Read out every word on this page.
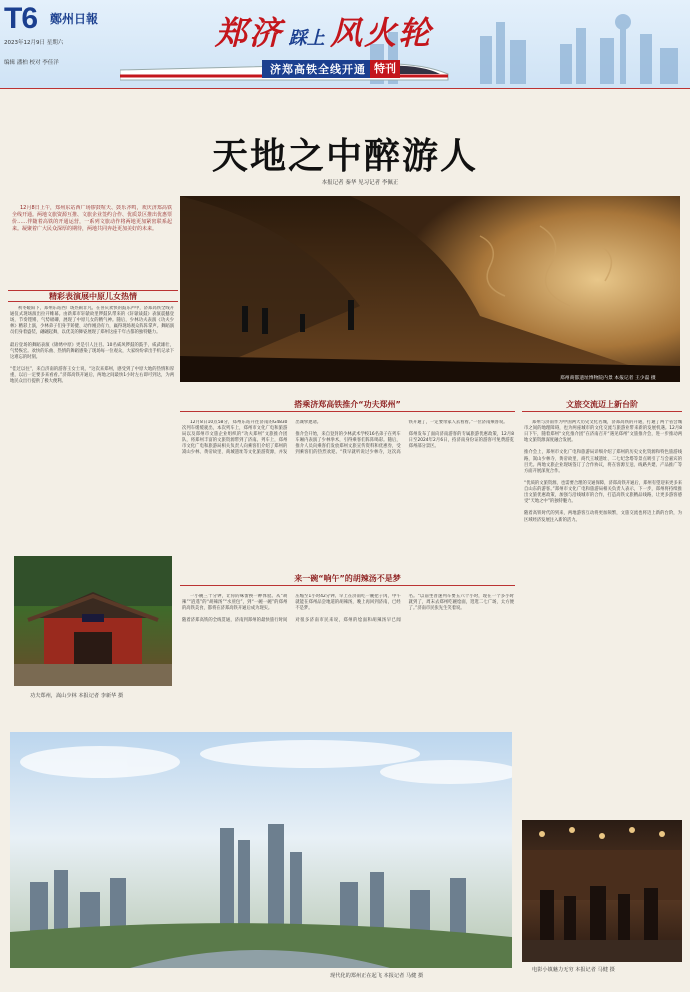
T6 鄭州日報
2023年12月9日 星期六
编辑 潘柏 校对 李佳洋
郑济 踩上 风火轮
济郑高铁全线开通 特刊
天地之中醉游人
本报记者 秦华 见习记者 李佩正
12月8日上午，郑州东站西广场锣鼓喧天、鼓乐齐鸣，欢庆济郑高铁全线开通。两地文旅资源互推、文旅企业签约合作、优质景区推出优惠票价……伴随着高铁的开通运营，一系列文旅动作将两地更加紧密联系起来。凝聚着广大民众深厚的期待，两地共同奔赴更加美好的未来。
精彩表演展中原儿女热情
初冬暖阳下，郑州东站西广场热闹非凡。在喜庆欢快的鼓乐声中，济郑高铁全线开通仪式现场演出拉开帷幕。由新郑市轩辕故里锣鼓队带来的《轩辕战鼓》表演震撼登场，节奏铿锵、气势磅礴，展现了中原儿女的精气神。随后，少林功夫表演《功夫少林》精彩上演，少林弟子们身手矫健、动作刚劲有力，赢得现场观众阵阵掌声。舞蹈演员们身着盛装，翩翩起舞，以优美的舞姿展现了郑州这座千年古都的独特魅力。

最后登场的舞蹈表演《锦绣中原》更是引人注目。10名威风锣鼓的鼓手，威武雄壮，气势恢宏。欢快的乐曲、热情的舞蹈感染了现场每一位观众，大家纷纷拿出手机记录下这难忘的时刻。

“佳过以往”，来自济南的游客王女士说，“这次来郑州，感受到了中原大地的热情和厚重，以后一定要多来看看。”济郑高铁开通后，两地之间最快1小时左右即可到达，为两地民众出行提供了极大便利。
功夫郑州，嵩山少林 本报记者 李新华 摄
郑州商都遗址博物院内景 本报记者 王少磊 摄
搭乘济郑高铁推介“功夫郑州”
12月8日10点58分，郑州东站开往济南的G4830次列车缓缓驶出，本次列车上，郑州市文化广电和旅游局以及郑州市文旅企业组织的“功夫郑州”文旅推介团队，将郑州丰富的文旅资源带到了济南。列车上，郑州市文化广电和旅游局相关负责人向乘客们介绍了郑州的嵩山少林、黄帝故里、商城遗址等文化旅游资源，并发出诚挚邀请。

推介会开始，来自登封的少林武术学校16名弟子在列车车厢内表演了少林拳术，引得乘客们阵阵喝彩。随后，推介人员向乘客们发放郑州文旅宣传资料和优惠券，受到乘客们的热烈欢迎。“我早就听说过少林寺，这次高铁开通了，一定要带家人去看看。”一位济南乘客说。

郑州发布了面向济南游客的专属旅游优惠政策，12月8日至2024年2月6日，持济南身份证的游客可免费游览郑州部分景区。
文旅交流迈上新台阶
郑州与济南作为中国两大历史文化名城，济郑高铁的开通，打通了两个省会城市之间的地理障碍，也为两座城市的文化交流与旅游业带来新的发展机遇。12月8日下午，随着郑州“文化推介团”在济南召开“遇见郑州”文旅推介会，进一步推动两地文旅资源深度融合发展。

推介会上，郑州市文化广电和旅游局详细介绍了郑州的历史文化资源和特色旅游线路，嵩山少林寺、黄帝故里、商代王城遗址、二七纪念塔等景点吸引了与会嘉宾的目光。两地文旅企业现场签订了合作协议，将在客源互送、线路共建、产品推广等方面开展深度合作。

“优质的文旅资源，也需要合理的交通保障，济郑高铁开通后，郑州有望迎来更多来自山东的游客。”郑州市文化广电和旅游局相关负责人表示，下一步，郑州将持续推出文旅优惠政策，加强与沿线城市的合作，打造高铁文旅精品线路，让更多游客感受“天地之中”的独特魅力。

随着高铁时代的到来，两地游客互动将更加频繁，文旅交流也将迈上新的台阶，为区域经济发展注入新的活力。
来一碗“响午”的胡辣汤不是梦
一小碗三十分钟，让你的味蕾换一种体验。从“胡辣”“逍遥”的“胡辣汤”“水煎包”，到“一碗一碗”的郑州的高铁美食，都将在济郑高铁开通后成为现实。

随着济郑高铁的全线贯通，济南到郑州的最快旅行时间压缩至1小时42分钟。早上在济南吃一碗把子肉，中午就能在郑州品尝地道的胡辣汤，晚上再回到济南，已经不是梦。

对很多济南市民来说，郑州的烩面和胡辣汤早已闻名。“以前坐普速列车要五六个小时，现在一个多小时就到了，周末去郑州吃碗烩面，逛逛二七广场，太方便了。”济南市民张先生笑着说。
现代化的郑州正在起飞 本报记者 马健 摄
电影小镇魅力无穷 本报记者 马健 摄
